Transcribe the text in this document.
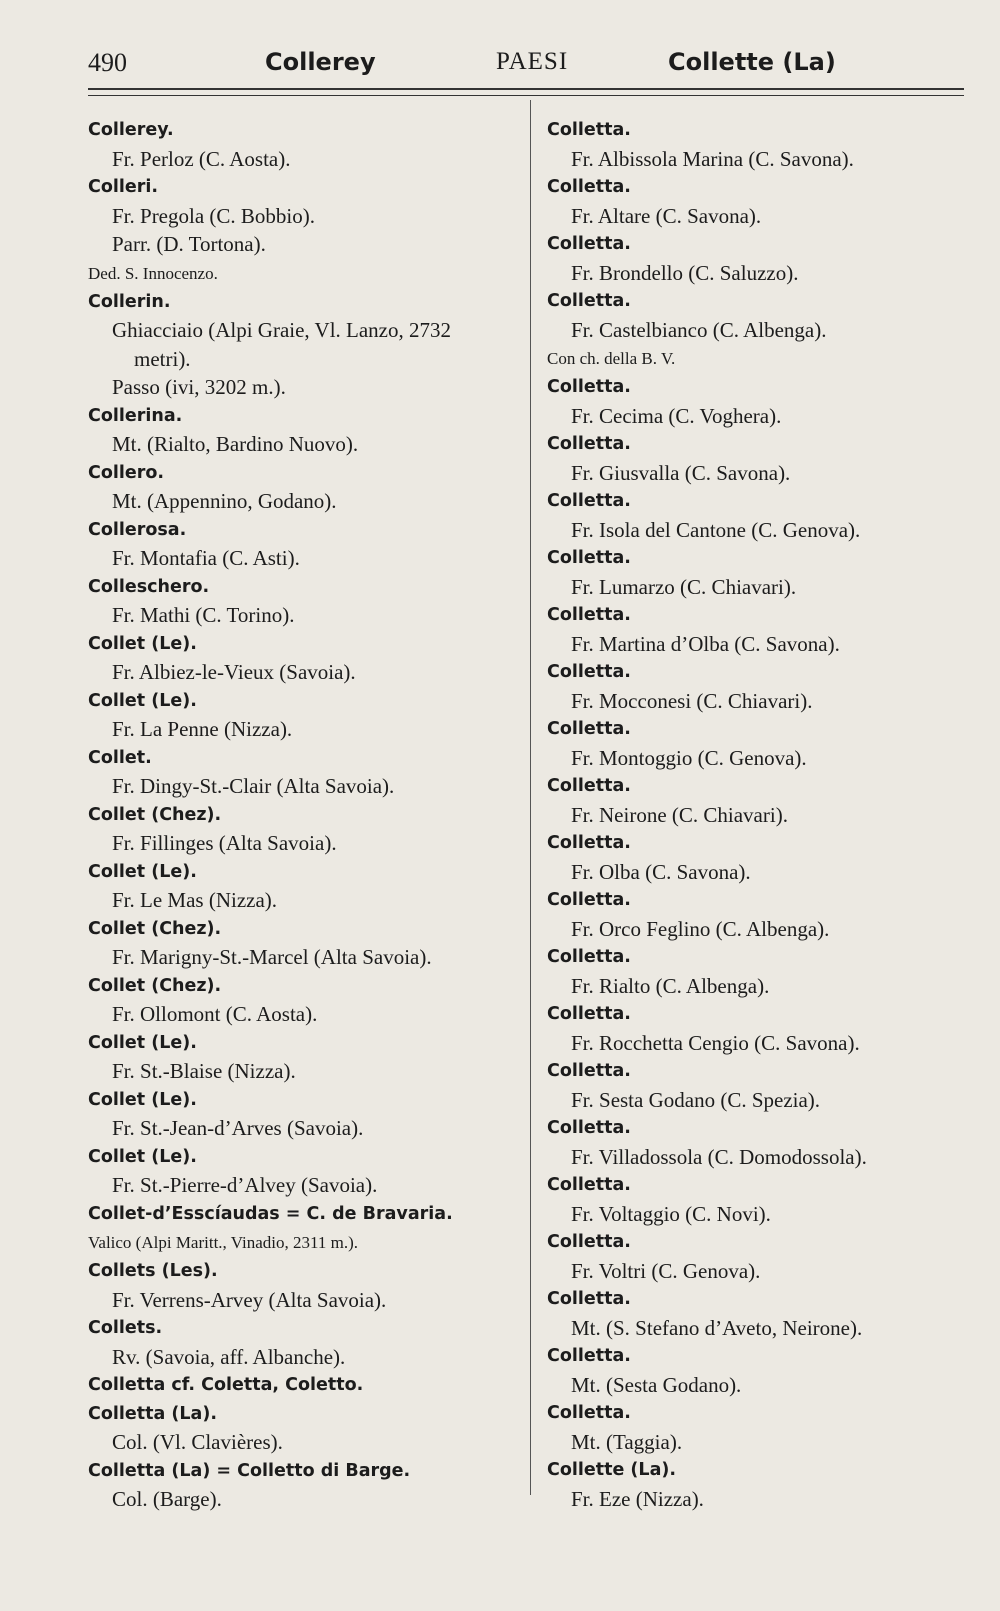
490	Collerey	PAESI	Collette (La)
Collerey.
Fr. Perloz (C. Aosta).
Colleri.
Fr. Pregola (C. Bobbio).
Parr. (D. Tortona).
Ded. S. Innocenzo.
Collerin.
Ghiacciaio (Alpi Graie, Vl. Lanzo, 2732
metri).
Passo (ivi, 3202 m.).
Collerina.
Mt. (Rialto, Bardino Nuovo).
Collero.
Mt. (Appennino, Godano).
Collerosa.
Fr. Montafia (C. Asti).
Colleschero.
Fr. Mathi (C. Torino).
Collet (Le).
Fr. Albiez-le-Vieux (Savoia).
Collet (Le).
Fr. La Penne (Nizza).
Collet.
Fr. Dingy-St.-Clair (Alta Savoia).
Collet (Chez).
Fr. Fillinges (Alta Savoia).
Collet (Le).
Fr. Le Mas (Nizza).
Collet (Chez).
Fr. Marigny-St.-Marcel (Alta Savoia).
Collet (Chez).
Fr. Ollomont (C. Aosta).
Collet (Le).
Fr. St.-Blaise (Nizza).
Collet (Le).
Fr. St.-Jean-d’Arves (Savoia).
Collet (Le).
Fr. St.-Pierre-d’Alvey (Savoia).
Collet-d’Esscíaudas = C. de Bravaria.
Valico (Alpi Maritt., Vinadio, 2311 m.).
Collets (Les).
Fr. Verrens-Arvey (Alta Savoia).
Collets.
Rv. (Savoia, aff. Albanche).
Colletta cf. Coletta, Coletto.
Colletta (La).
Col. (Vl. Clavières).
Colletta (La) = Colletto di Barge.
Col. (Barge).
Colletta.
Fr. Albissola Marina (C. Savona).
Colletta.
Fr. Altare (C. Savona).
Colletta.
Fr. Brondello (C. Saluzzo).
Colletta.
Fr. Castelbianco (C. Albenga).
Con ch. della B. V.
Colletta.
Fr. Cecima (C. Voghera).
Colletta.
Fr. Giusvalla (C. Savona).
Colletta.
Fr. Isola del Cantone (C. Genova).
Colletta.
Fr. Lumarzo (C. Chiavari).
Colletta.
Fr. Martina d’Olba (C. Savona).
Colletta.
Fr. Mocconesi (C. Chiavari).
Colletta.
Fr. Montoggio (C. Genova).
Colletta.
Fr. Neirone (C. Chiavari).
Colletta.
Fr. Olba (C. Savona).
Colletta.
Fr. Orco Feglino (C. Albenga).
Colletta.
Fr. Rialto (C. Albenga).
Colletta.
Fr. Rocchetta Cengio (C. Savona).
Colletta.
Fr. Sesta Godano (C. Spezia).
Colletta.
Fr. Villadossola (C. Domodossola).
Colletta.
Fr. Voltaggio (C. Novi).
Colletta.
Fr. Voltri (C. Genova).
Colletta.
Mt. (S. Stefano d’Aveto, Neirone).
Colletta.
Mt. (Sesta Godano).
Colletta.
Mt. (Taggia).
Collette (La).
Fr. Eze (Nizza).
